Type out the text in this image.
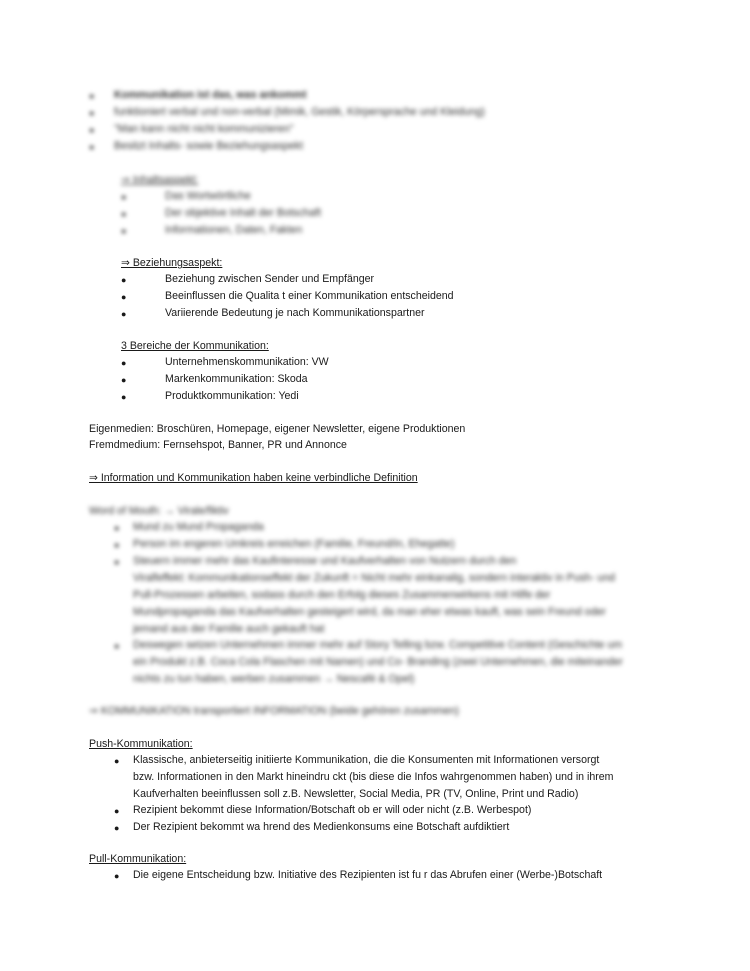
● Kommunikation ist das, was ankommt
● funktioniert verbal und non-verbal (Mimik, Gestik, Körpersprache und Kleidung)
● "Man kann nicht nicht kommunizieren"
● Besitzt Inhalts- sowie Beziehungsaspekt
⇒ Inhaltsaspekt:
●	Das Wortwörtliche
●	Der objektive Inhalt der Botschaft
●	Informationen, Daten, Fakten
⇒ Beziehungsaspekt:
●	Beziehung zwischen Sender und Empfänger
●	Beeinflussen die Qualita t einer Kommunikation entscheidend
●	Variierende Bedeutung je nach Kommunikationspartner
3 Bereiche der Kommunikation:
●	Unternehmenskommunikation: VW
●	Markenkommunikation: Skoda
●	Produktkommunikation: Yedi
Eigenmedien: Broschüren, Homepage, eigener Newsletter, eigene Produktionen
Fremdmedium: Fernsehspot, Banner, PR und Annonce
⇒ Information und Kommunikation haben keine verbindliche Definition
Word of Mouth: → Virale/fiktiv
● Mund zu Mund Propaganda
● Person im engeren Umkreis erreichen (Familie, Freund/in, Ehegatte)
● Steuern immer mehr das Kaufinteresse und Kaufverhalten von Nutzern durch den
Viralfeffekt: Kommunikationseffekt der Zukunft = Nicht mehr einkanalig, sondern interaktiv in Push- und
Pull-Prozessen arbeiten, sodass durch den Erfolg dieses Zusammenwirkens mit Hilfe der
Mundpropaganda das Kaufverhalten gesteigert wird, da man eher etwas kauft, was sein Freund oder
jemand aus der Familie auch gekauft hat
● Deswegen setzen Unternehmen immer mehr auf Story Telling bzw. Competitive Content (Geschichte um
ein Produkt z.B. Coca Cola Flaschen mit Namen) und Co- Branding (zwei Unternehmen, die miteinander
nichts zu tun haben, werben zusammen → Nescafé & Opel)
⇒ KOMMUNIKATION transportiert INFORMATION (beide gehören zusammen)
Push-Kommunikation:
● Klassische, anbieterseitig initiierte Kommunikation, die die Konsumenten mit Informationen versorgt
bzw. Informationen in den Markt hineindru ckt (bis diese die Infos wahrgenommen haben) und in ihrem
Kaufverhalten beeinflussen soll z.B. Newsletter, Social Media, PR (TV, Online, Print und Radio)
● Rezipient bekommt diese Information/Botschaft ob er will oder nicht (z.B. Werbespot)
● Der Rezipient bekommt wa hrend des Medienkonsums eine Botschaft aufdiktiert
Pull-Kommunikation:
● Die eigene Entscheidung bzw. Initiative des Rezipienten ist fu r das Abrufen einer (Werbe-)Botschaft
